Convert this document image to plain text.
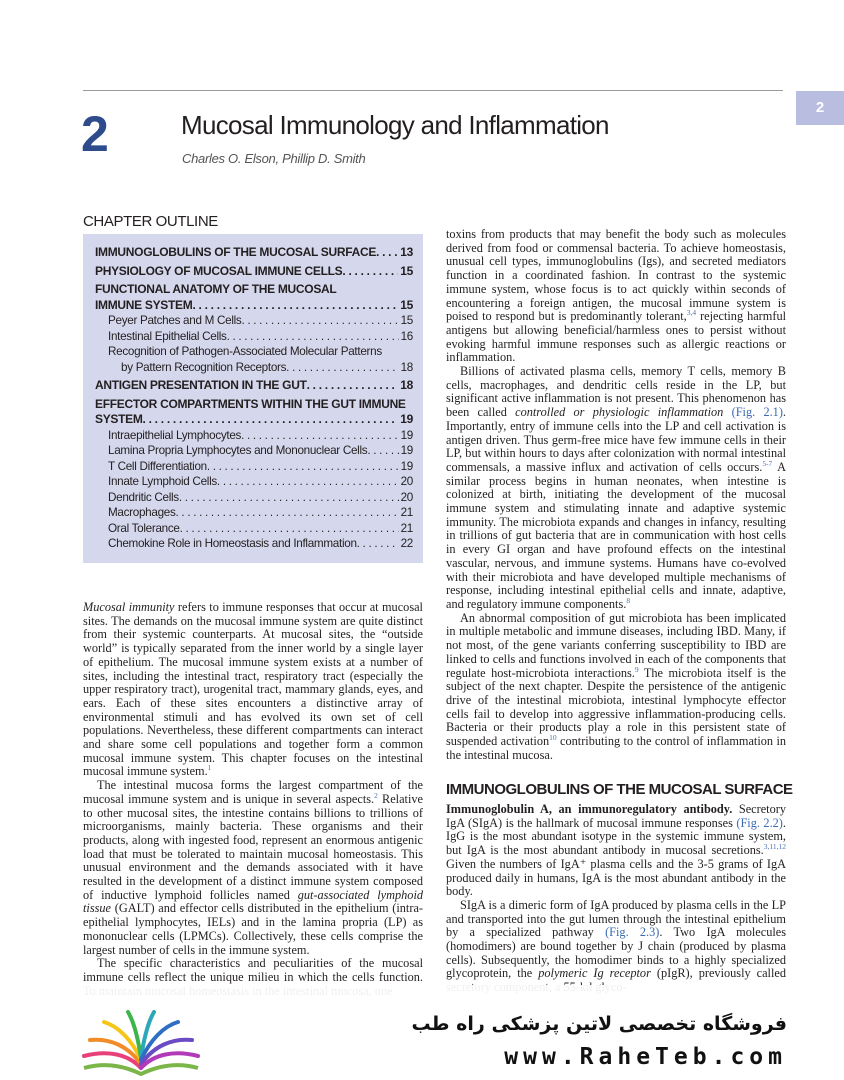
2
2	Mucosal Immunology and Inflammation
Charles O. Elson, Phillip D. Smith
CHAPTER OUTLINE
IMMUNOGLOBULINS OF THE MUCOSAL SURFACE . . . 13
PHYSIOLOGY OF MUCOSAL IMMUNE CELLS . . .	15
FUNCTIONAL ANATOMY OF THE MUCOSAL
IMMUNE SYSTEM . . .	15
Peyer Patches and M Cells . . .	15
Intestinal Epithelial Cells . . .	16
Recognition of Pathogen-Associated Molecular Patterns
by Pattern Recognition Receptors . . .	18
ANTIGEN PRESENTATION IN THE GUT . . .	18
EFFECTOR COMPARTMENTS WITHIN THE GUT IMMUNE
SYSTEM . . .	19
Intraepithelial Lymphocytes . . .	19
Lamina Propria Lymphocytes and Mononuclear Cells . . .	19
T Cell Differentiation . . .	19
Innate Lymphoid Cells . . .	20
Dendritic Cells . . .	20
Macrophages . . .	21
Oral Tolerance . . .	21
Chemokine Role in Homeostasis and Inflammation . . .	22

Mucosal immunity refers to immune responses that occur at mucosal sites. The demands on the mucosal immune system are quite distinct from their systemic counterparts. At mucosal sites, the “outside world” is typically separated from the inner world by a single layer of epithelium. The mucosal immune system exists at a number of sites, including the intestinal tract, respiratory tract (especially the upper respiratory tract), urogenital tract, mammary glands, eyes, and ears. Each of these sites encounters a distinctive array of environmental stimuli and has evolved its own set of cell populations. Nevertheless, these different compartments can interact and share some cell populations and together form a common mucosal immune system. This chapter focuses on the intestinal mucosal immune system.$^1$

The intestinal mucosa forms the largest compartment of the mucosal immune system and is unique in several aspects.$^2$ Relative to other mucosal sites, the intestine contains billions to trillions of microorganisms, mainly bacteria. These organisms and their products, along with ingested food, represent an enormous antigenic load that must be tolerated to maintain mucosal homeostasis. This unusual environment and the demands associated with it have resulted in the development of a distinct immune system composed of inductive lymphoid follicles named gut-associated lymphoid tissue (GALT) and effector cells distributed in the epithelium (intra-epithelial lymphocytes, IELs) and in the lamina propria (LP) as mononuclear cells (LPMCs). Collectively, these cells comprise the largest number of cells in the immune system.

The specific characteristics and peculiarities of the mucosal immune cells reflect the unique milieu in which the cells function.

toxins from products that may benefit the body such as molecules derived from food or commensal bacteria. To achieve homeostasis, unusual cell types, immunoglobulins (Igs), and secreted mediators function in a coordinated fashion. In contrast to the systemic immune system, whose focus is to act quickly within seconds of encountering a foreign antigen, the mucosal immune system is poised to respond but is predominantly tolerant,$^{3,4}$ rejecting harmful antigens but allowing beneficial/harmless ones to persist without evoking harmful immune responses such as allergic reactions or inflammation.

Billions of activated plasma cells, memory T cells, memory B cells, macrophages, and dendritic cells reside in the LP, but significant active inflammation is not present. This phenomenon has been called controlled or physiologic inflammation (Fig. 2.1). Importantly, entry of immune cells into the LP and cell activation is antigen driven. Thus germ-free mice have few immune cells in their LP, but within hours to days after colonization with normal intestinal commensals, a massive influx and activation of cells occurs.$^{5-7}$ A similar process begins in human neonates, when intestine is colonized at birth, initiating the development of the mucosal immune system and stimulating innate and adaptive systemic immunity. The microbiota expands and changes in infancy, resulting in trillions of gut bacteria that are in communication with host cells in every GI organ and have profound effects on the intestinal vascular, nervous, and immune systems. Humans have co-evolved with their microbiota and have developed multiple mechanisms of response, including intestinal epithelial cells and innate, adaptive, and regulatory immune components.$^8$

An abnormal composition of gut microbiota has been implicated in multiple metabolic and immune diseases, including IBD. Many, if not most, of the gene variants conferring susceptibility to IBD are linked to cells and functions involved in each of the components that regulate host-microbiota interactions.$^9$ The microbiota itself is the subject of the next chapter. Despite the persistence of the antigenic drive of the intestinal microbiota, intestinal lymphocyte effector cells fail to develop into aggressive inflammation-producing cells. Bacteria or their products play a role in this persistent state of suspended activation$^{10}$ contributing to the control of inflammation in the intestinal mucosa.

IMMUNOGLOBULINS OF THE MUCOSAL SURFACE

Immunoglobulin A, an immunoregulatory antibody. Secretory IgA (SIgA) is the hallmark of mucosal immune responses (Fig. 2.2). IgG is the most abundant isotype in the systemic immune system, but IgA is the most abundant antibody in mucosal secretions.$^{3,11,12}$ Given the numbers of IgA⁺ plasma cells and the 3-5 grams of IgA produced daily in humans, IgA is the most abundant antibody in the body.

SIgA is a dimeric form of IgA produced by plasma cells in the LP and transported into the gut lumen through the intestinal epithelium by a specialized pathway (Fig. 2.3). Two IgA molecules (homodimers) are bound together by J chain (produced by plasma cells). Subsequently, the homodimer binds to a highly specialized glycoprotein, the polymeric Ig receptor (pIgR), previously called

فروشگاه تخصصی لاتین پزشکی راه طب
www.RaheTeb.com
